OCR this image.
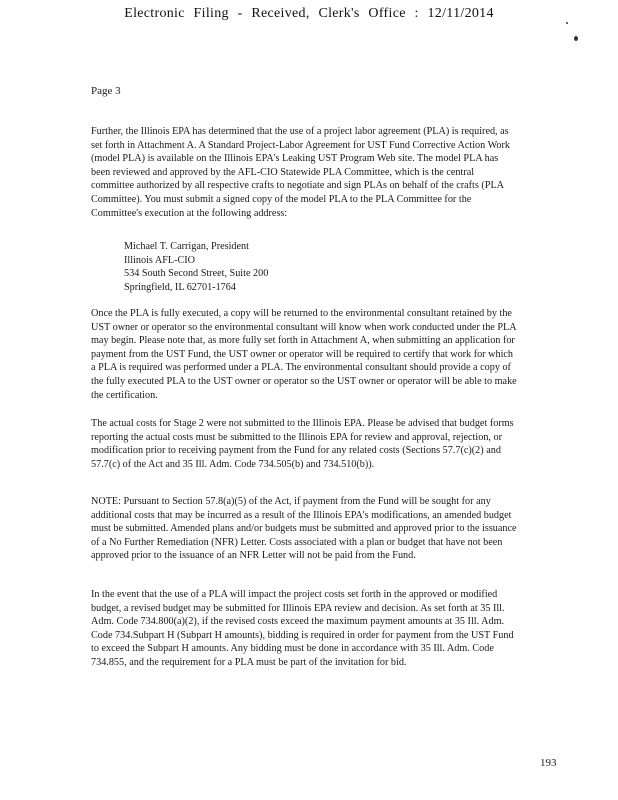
Electronic Filing - Received, Clerk's Office : 12/11/2014
Page 3
Further, the Illinois EPA has determined that the use of a project labor agreement (PLA) is required, as set forth in Attachment A. A Standard Project-Labor Agreement for UST Fund Corrective Action Work (model PLA) is available on the Illinois EPA's Leaking UST Program Web site. The model PLA has been reviewed and approved by the AFL-CIO Statewide PLA Committee, which is the central committee authorized by all respective crafts to negotiate and sign PLAs on behalf of the crafts (PLA Committee). You must submit a signed copy of the model PLA to the PLA Committee for the Committee's execution at the following address:
Michael T. Carrigan, President
Illinois AFL-CIO
534 South Second Street, Suite 200
Springfield, IL 62701-1764
Once the PLA is fully executed, a copy will be returned to the environmental consultant retained by the UST owner or operator so the environmental consultant will know when work conducted under the PLA may begin. Please note that, as more fully set forth in Attachment A, when submitting an application for payment from the UST Fund, the UST owner or operator will be required to certify that work for which a PLA is required was performed under a PLA. The environmental consultant should provide a copy of the fully executed PLA to the UST owner or operator so the UST owner or operator will be able to make the certification.
The actual costs for Stage 2 were not submitted to the Illinois EPA. Please be advised that budget forms reporting the actual costs must be submitted to the Illinois EPA for review and approval, rejection, or modification prior to receiving payment from the Fund for any related costs (Sections 57.7(c)(2) and 57.7(c) of the Act and 35 Ill. Adm. Code 734.505(b) and 734.510(b)).
NOTE: Pursuant to Section 57.8(a)(5) of the Act, if payment from the Fund will be sought for any additional costs that may be incurred as a result of the Illinois EPA's modifications, an amended budget must be submitted. Amended plans and/or budgets must be submitted and approved prior to the issuance of a No Further Remediation (NFR) Letter. Costs associated with a plan or budget that have not been approved prior to the issuance of an NFR Letter will not be paid from the Fund.
In the event that the use of a PLA will impact the project costs set forth in the approved or modified budget, a revised budget may be submitted for Illinois EPA review and decision. As set forth at 35 Ill. Adm. Code 734.800(a)(2), if the revised costs exceed the maximum payment amounts at 35 Ill. Adm. Code 734.Subpart H (Subpart H amounts), bidding is required in order for payment from the UST Fund to exceed the Subpart H amounts. Any bidding must be done in accordance with 35 Ill. Adm. Code 734.855, and the requirement for a PLA must be part of the invitation for bid.
193
